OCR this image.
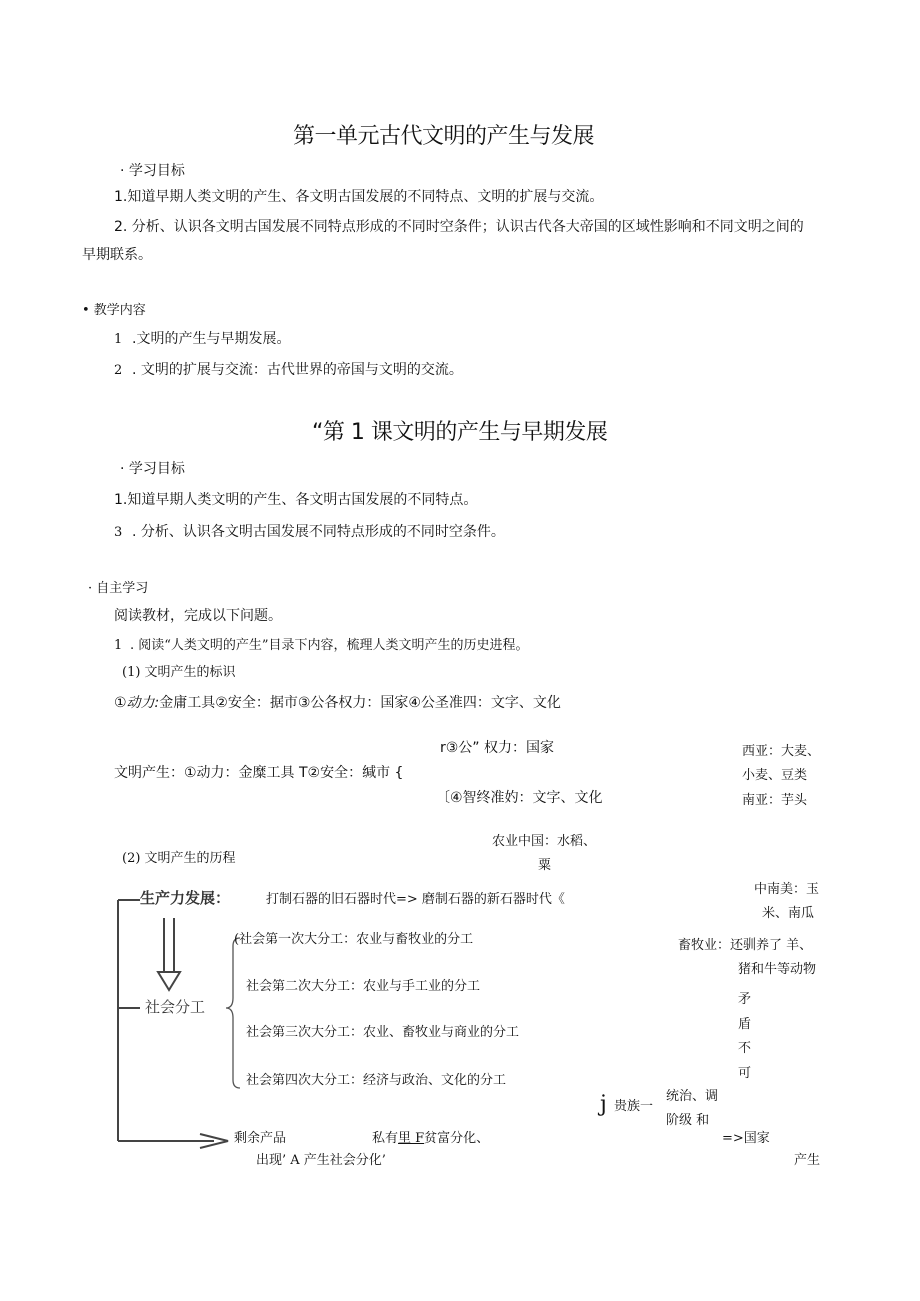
第一单元古代文明的产生与发展
· 学习目标
1.知道早期人类文明的产生、各文明古国发展的不同特点、文明的扩展与交流。
2. 分析、认识各文明古国发展不同特点形成的不同时空条件；认识古代各大帝国的区域性影响和不同文明之间的
早期联系。
• 教学内容
1 .文明的产生与早期发展。
2 . 文明的扩展与交流：古代世界的帝国与文明的交流。
“第 1 课文明的产生与早期发展
· 学习目标
1.知道早期人类文明的产生、各文明古国发展的不同特点。
3 . 分析、认识各文明古国发展不同特点形成的不同时空条件。
· 自主学习
阅读教材，完成以下问题。
1 . 阅读“人类文明的产生”目录下内容，梳理人类文明产生的历史进程。
(1) 文明产生的标识
①动力:金庸工具②安全：据市③公各权力：国家④公圣准四：文字、文化
r③公” 权力：国家
文明产生：①动力：金糜工具 T②安全：缄市 {
〔④智终准妁：文字、文化
西亚：大麦、
小麦、豆类
南亚：芋头
农业中国：水稻、
粟
(2) 文明产生的历程
中南美：玉
米、南瓜
畜牧业：还驯养了 羊、
猪和牛等动物
矛
盾
不
可
生产力发展：	打制石器的旧石器时代=> 磨制石器的新石器时代《
社会分工
(社会第一次大分工：农业与畜牧业的分工
社会第二次大分工：农业与手工业的分工
社会第三次大分工：农业、畜牧业与商业的分工
社会第四次大分工：经济与政治、文化的分工
j 贵族一
统治、调
阶级 和
剩余产品	私有里 F贫富分化、	=>国家
出现’ A 产生社会分化’	产生
